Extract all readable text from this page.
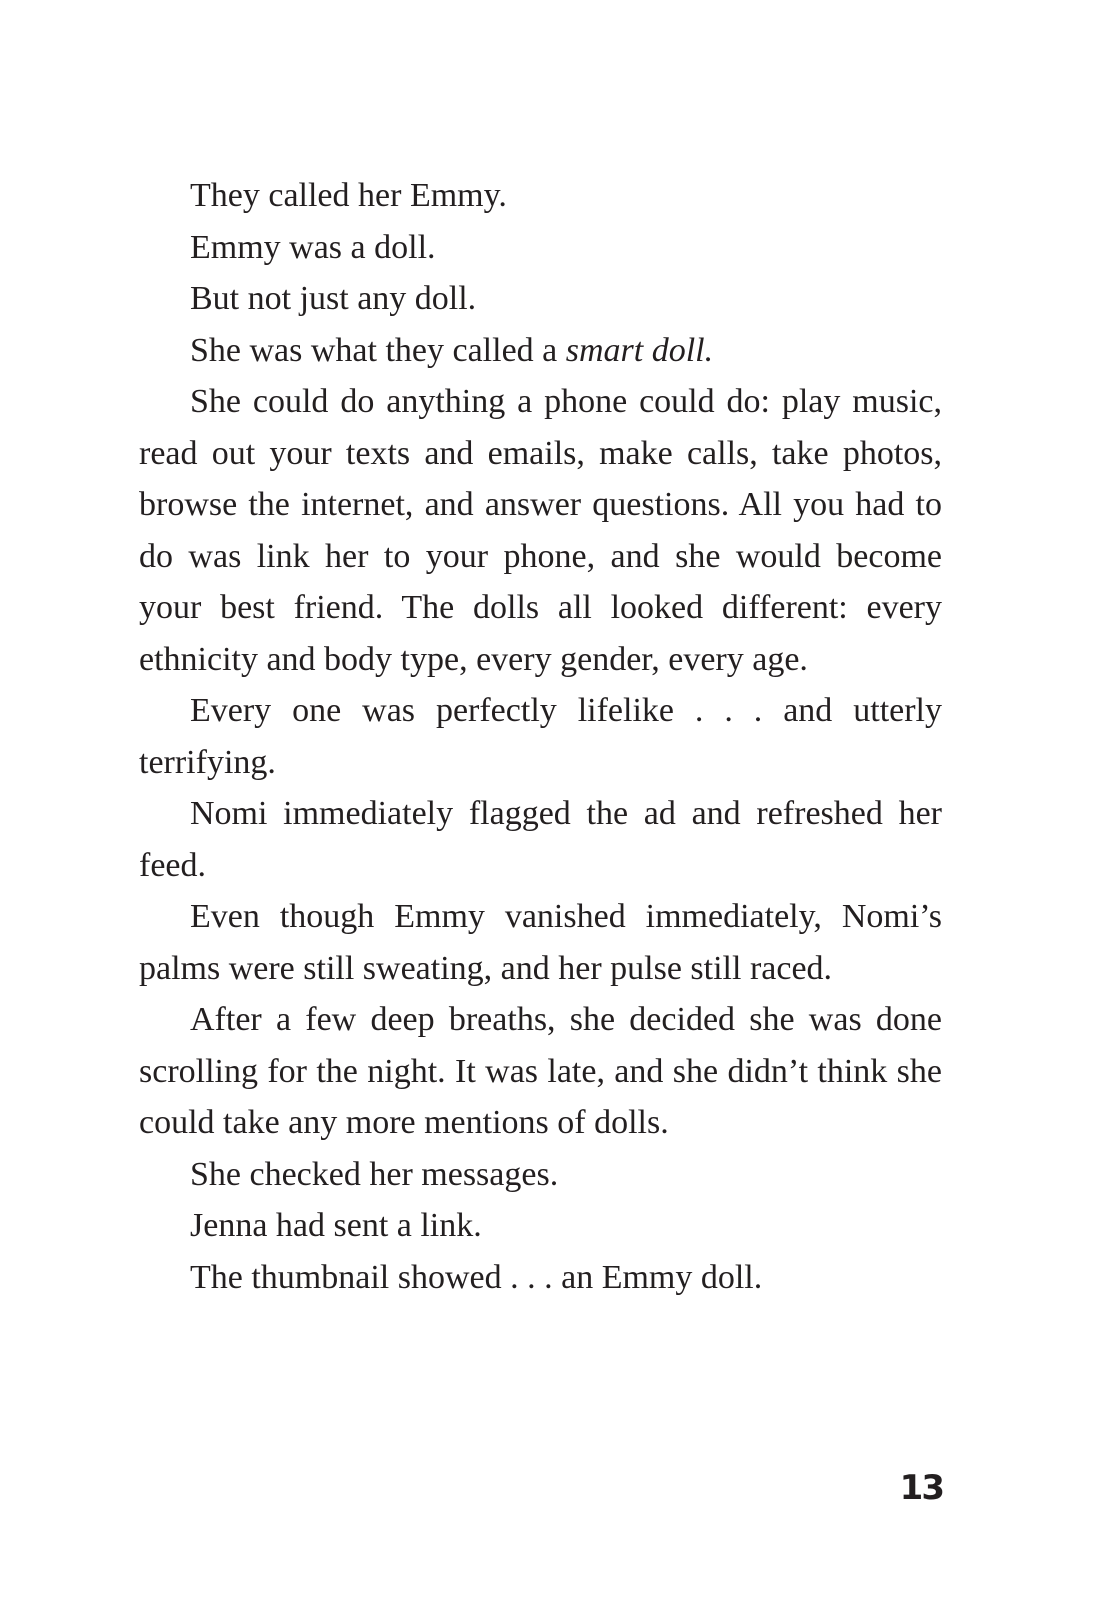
They called her Emmy.

Emmy was a doll.

But not just any doll.

She was what they called a smart doll.

She could do anything a phone could do: play music, read out your texts and emails, make calls, take photos, browse the internet, and answer questions. All you had to do was link her to your phone, and she would become your best friend. The dolls all looked different: every ethnicity and body type, every gender, every age.

Every one was perfectly lifelike . . . and utterly terrifying.

Nomi immediately flagged the ad and refreshed her feed.

Even though Emmy vanished immediately, Nomi’s palms were still sweating, and her pulse still raced.

After a few deep breaths, she decided she was done scrolling for the night. It was late, and she didn’t think she could take any more mentions of dolls.

She checked her messages.

Jenna had sent a link.

The thumbnail showed . . . an Emmy doll.

13
